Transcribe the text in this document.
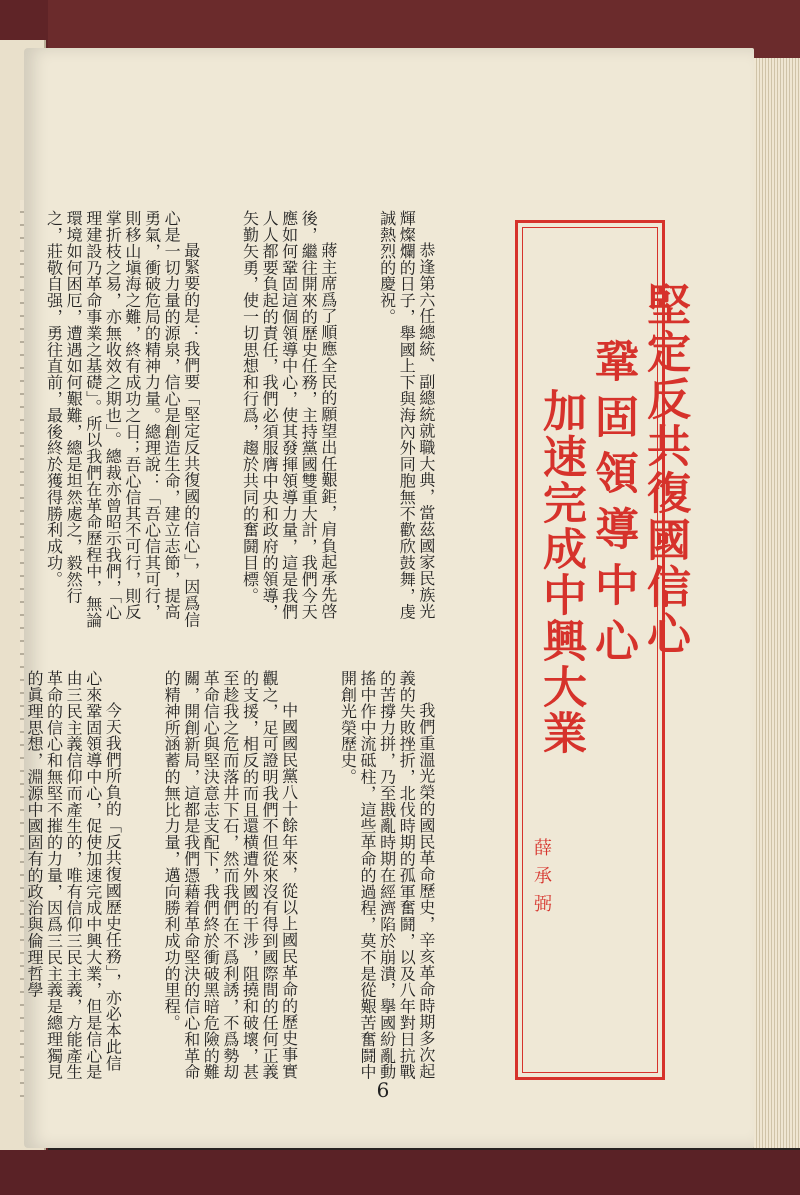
堅定反共復國信心
鞏固領導中心
加速完成中興大業
薛承弼

恭逢第六任總統、副總統就職大典，當茲國家民族光輝燦爛的日子，舉國上下與海內外同胞無不歡欣鼓舞，虔誠熱烈的慶祝。

蔣主席爲了順應全民的願望出任艱鉅，肩負起承先啓後，繼往開來的歷史任務，主持黨國雙重大計，我們今天應如何鞏固這個領導中心，使其發揮領導力量，這是我們人人都要負起的責任，我們必須服膺中央和政府的領導，矢勤矢勇，使一切思想和行爲，趨於共同的奮鬪目標。

最緊要的是：我們要「堅定反共復國的信心」，因爲信心是一切力量的源泉，信心是創造生命，建立志節，提高勇氣，衝破危局的精神力量。總理說：「吾心信其可行，則移山塡海之難，終有成功之日；吾心信其不可行，則反掌折枝之易，亦無收效之期也」。總裁亦曾昭示我們，「心理建設乃革命事業之基礎」。所以我們在革命歷程中，無論環境如何困厄，遭遇如何艱難，總是坦然處之，毅然行之，莊敬自强，勇往直前，最後終於獲得勝利成功。

我們重溫光榮的國民革命歷史，辛亥革命時期多次起義的失敗挫折，北伐時期的孤軍奮鬪，以及八年對日抗戰的苦撐力拼，乃至戡亂時期在經濟陷於崩潰，擧國紛亂動搖中作中流砥柱，這些革命的過程，莫不是從艱苦奮鬪中開創光榮歷史。

中國國民黨八十餘年來，從以上國民革命的歷史事實觀之，足可證明我們不但從來沒有得到國際間的任何正義的支援，相反的而且還横遭外國的干涉，阻撓和破壞，甚至趁我之危而落井下石，然而我們在不爲利誘，不爲勢刧革命信心與堅決意志支配下，我們終於衝破黑暗危險的難關，開創新局，這都是我們憑藉着革命堅決的信心和革命的精神所涵蓄的無比力量，邁向勝利成功的里程。

今天我們所負的「反共復國歷史任務」，亦必本此信心來鞏固領導中心，促使加速完成中興大業，但是信心是由三民主義信仰而產生的，唯有信仰三民主義，方能產生革命的信心和無堅不摧的力量，因爲三民主義是總理獨見的眞理思想，淵源中國固有的政治與倫理哲學

6
